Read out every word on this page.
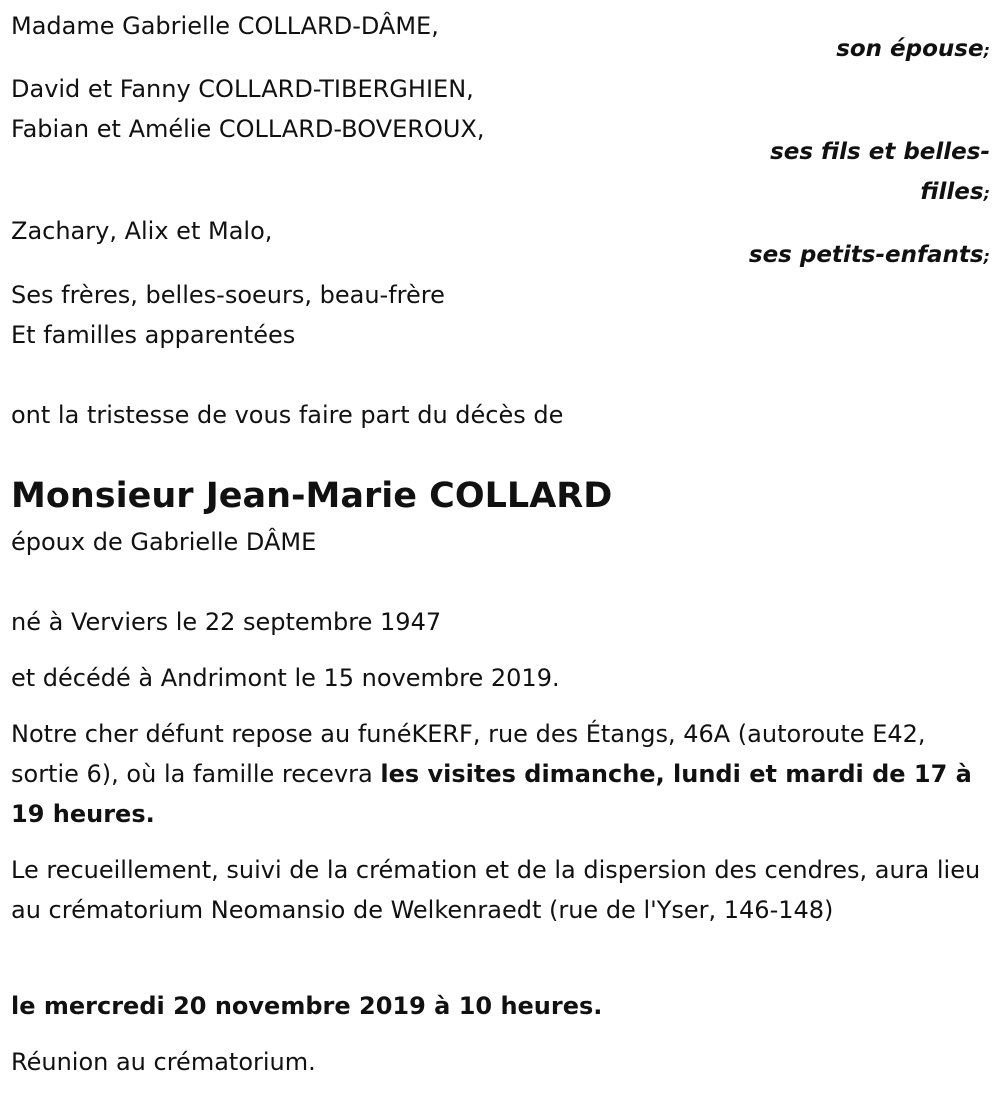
Madame Gabrielle COLLARD-DÂME,
son épouse;
David et Fanny COLLARD-TIBERGHIEN,
Fabian et Amélie COLLARD-BOVEROUX,
ses fils et belles-
filles;
Zachary, Alix et Malo,
ses petits-enfants;
Ses frères, belles-soeurs, beau-frère
Et familles apparentées
ont la tristesse de vous faire part du décès de
Monsieur Jean-Marie COLLARD
époux de Gabrielle DÂME
né à Verviers le 22 septembre 1947
et décédé à Andrimont le 15 novembre 2019.
Notre cher défunt repose au funéKERF, rue des Étangs, 46A (autoroute E42, sortie 6), où la famille recevra les visites dimanche, lundi et mardi de 17 à 19 heures.
Le recueillement, suivi de la crémation et de la dispersion des cendres, aura lieu au crématorium Neomansio de Welkenraedt (rue de l'Yser, 146-148)
le mercredi 20 novembre 2019 à 10 heures.
Réunion au crématorium.
